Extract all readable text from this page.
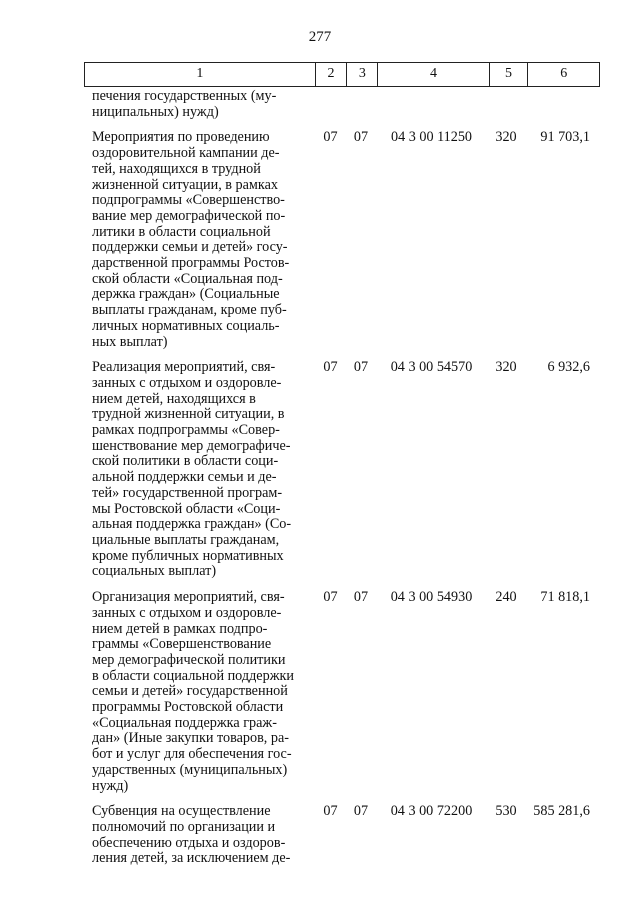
277
1	2	3	4	5	6
печения государственных (му-
ниципальных) нужд)
Мероприятия по проведению
оздоровительной кампании де-
тей, находящихся в трудной
жизненной ситуации, в рамках
подпрограммы «Совершенство-
вание мер демографической по-
литики в области социальной
поддержки семьи и детей» госу-
дарственной программы Ростов-
ской области «Социальная под-
держка граждан» (Социальные
выплаты гражданам, кроме пуб-
личных нормативных социаль-
ных выплат)
07	07	04 3 00 11250	320	91 703,1
Реализация мероприятий, свя-
занных с отдыхом и оздоровле-
нием детей, находящихся в
трудной жизненной ситуации, в
рамках подпрограммы «Совер-
шенствование мер демографиче-
ской политики в области соци-
альной поддержки семьи и де-
тей» государственной програм-
мы Ростовской области «Соци-
альная поддержка граждан» (Со-
циальные выплаты гражданам,
кроме публичных нормативных
социальных выплат)
07	07	04 3 00 54570	320	6 932,6
Организация мероприятий, свя-
занных с отдыхом и оздоровле-
нием детей в рамках подпро-
граммы «Совершенствование
мер демографической политики
в области социальной поддержки
семьи и детей» государственной
программы Ростовской области
«Социальная поддержка граж-
дан» (Иные закупки товаров, ра-
бот и услуг для обеспечения гос-
ударственных (муниципальных)
нужд)
07	07	04 3 00 54930	240	71 818,1
Субвенция на осуществление
полномочий по организации и
обеспечению отдыха и оздоров-
ления детей, за исключением де-
07	07	04 3 00 72200	530	585 281,6
